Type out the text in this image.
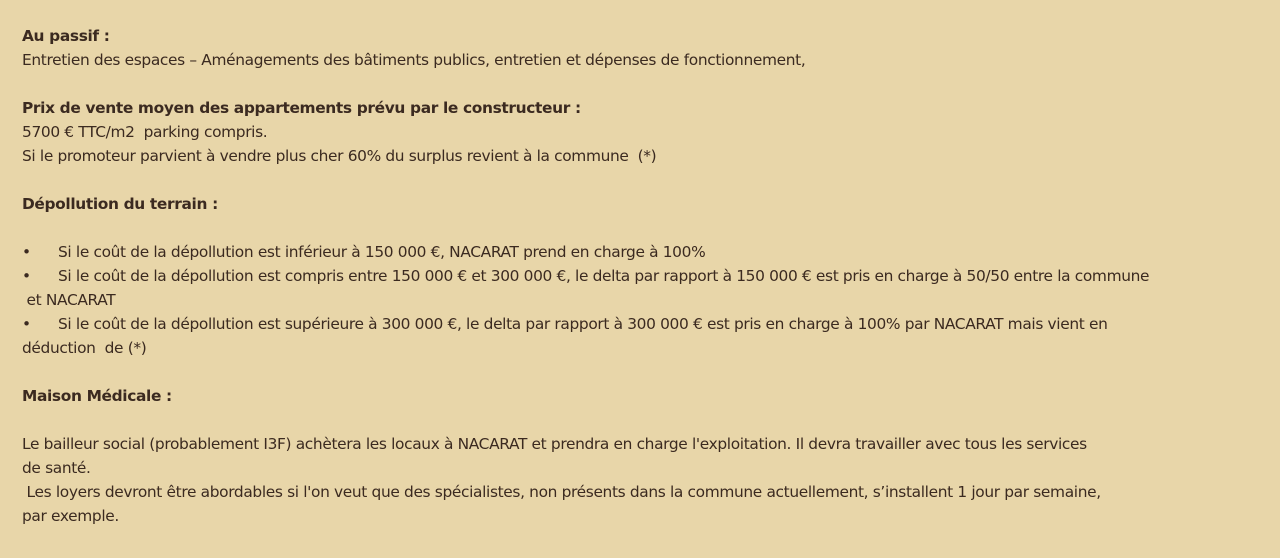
Au passif :

Entretien des espaces – Aménagements des bâtiments publics, entretien et dépenses de fonctionnement,

Prix de vente moyen des appartements prévu par le constructeur :

5700 € TTC/m2  parking compris.

Si le promoteur parvient à vendre plus cher 60% du surplus revient à la commune  (*)

Dépollution du terrain :

• Si le coût de la dépollution est inférieur à 150 000 €, NACARAT prend en charge à 100%

• Si le coût de la dépollution est compris entre 150 000 € et 300 000 €, le delta par rapport à 150 000 € est pris en charge à 50/50 entre la commune

et NACARAT

• Si le coût de la dépollution est supérieure à 300 000 €, le delta par rapport à 300 000 € est pris en charge à 100% par NACARAT mais vient en

déduction  de (*)

Maison Médicale :

Le bailleur social (probablement I3F) achètera les locaux à NACARAT et prendra en charge l'exploitation. Il devra travailler avec tous les services

de santé.

Les loyers devront être abordables si l'on veut que des spécialistes, non présents dans la commune actuellement, s’installent 1 jour par semaine,

par exemple.
